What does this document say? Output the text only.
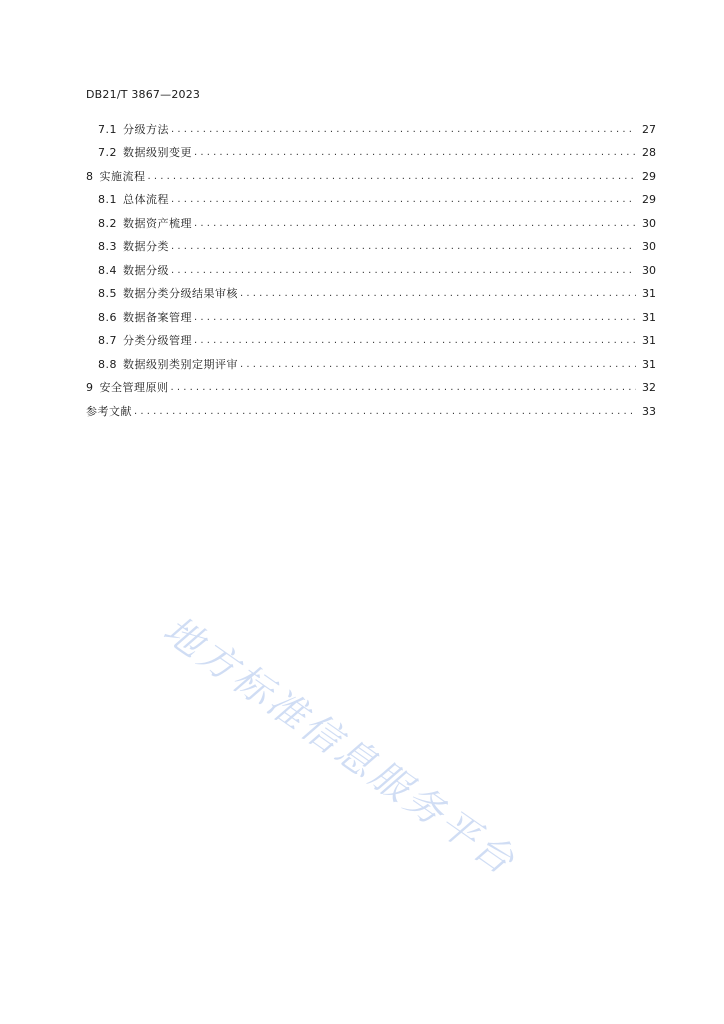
DB21/T 3867—2023
7.1 分级方法 . . .	27
7.2 数据级别变更 . . .	28
8 实施流程 . . .	29
8.1 总体流程 . . .	29
8.2 数据资产梳理 . . .	30
8.3 数据分类 . . .	30
8.4 数据分级 . . .	30
8.5 数据分类分级结果审核 . . .	31
8.6 数据备案管理 . . .	31
8.7 分类分级管理 . . .	31
8.8 数据级别类别定期评审 . . .	31
9 安全管理原则 . . .	32
参考文献 . . .	33
地方标准信息服务平台
